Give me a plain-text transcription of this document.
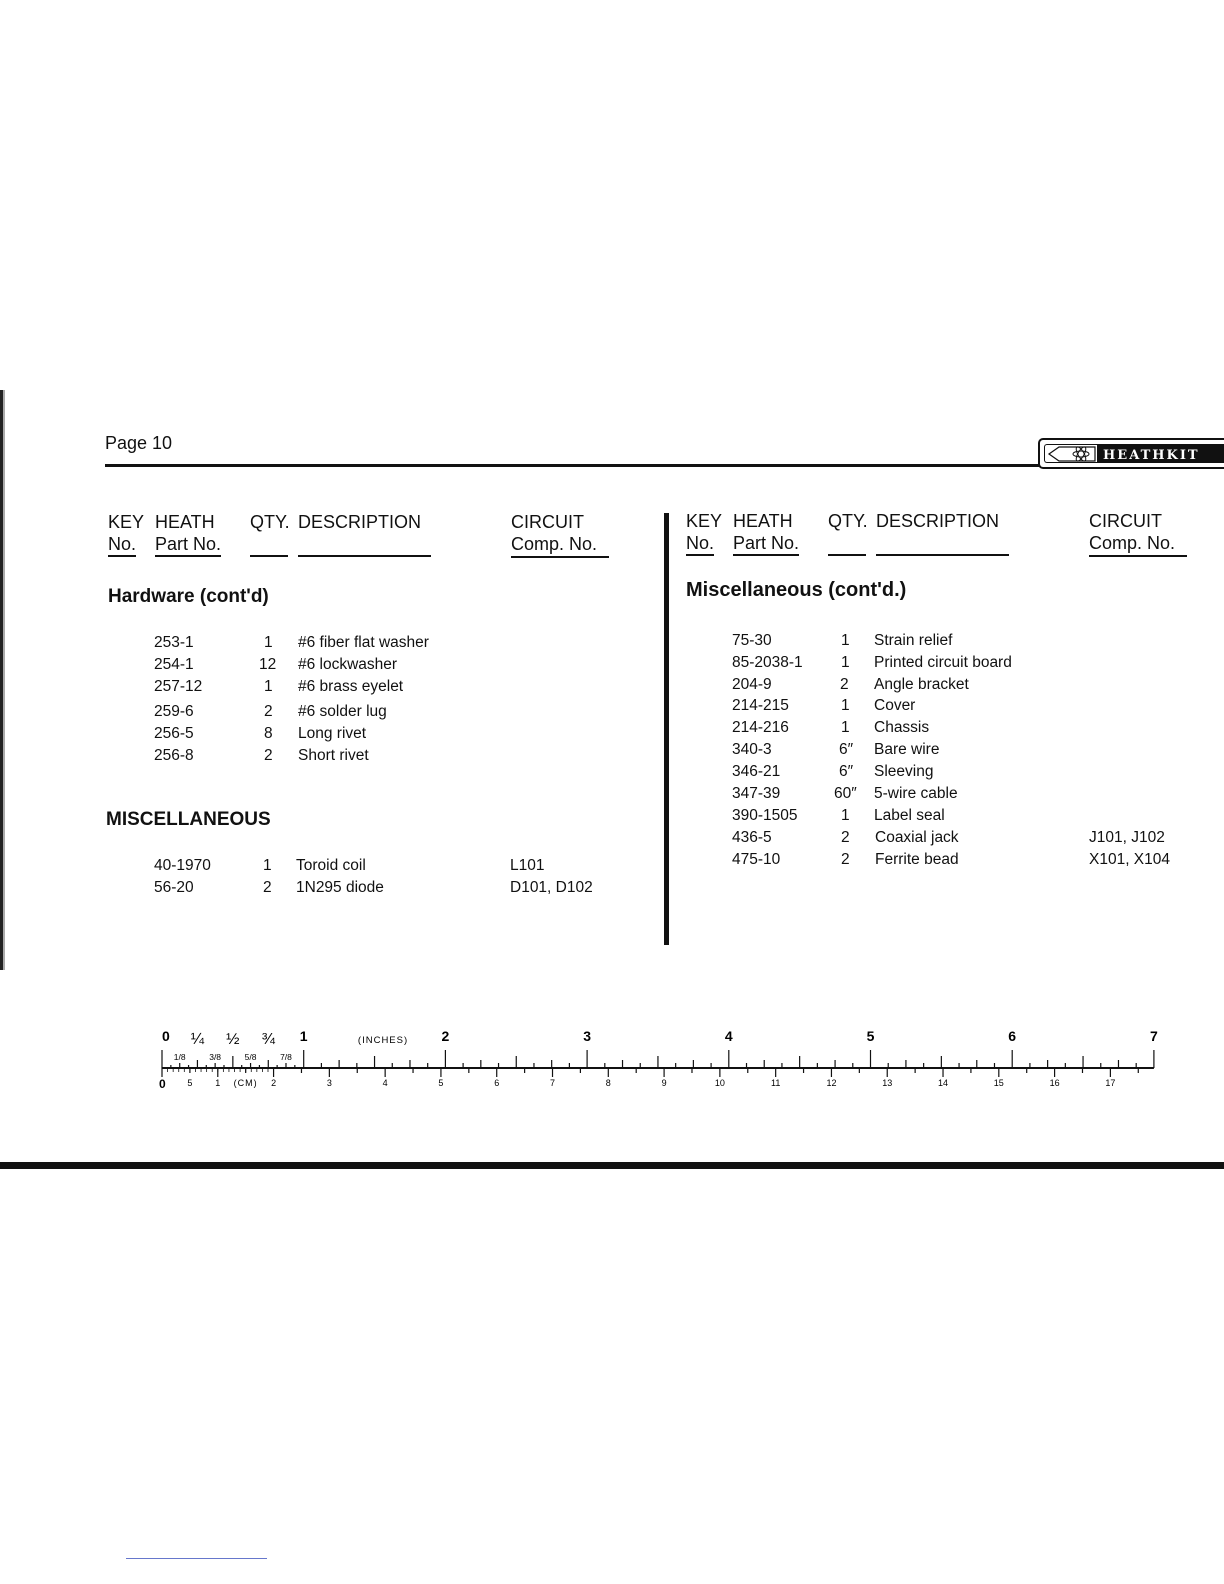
Page 10
HEATHKIT
KEY
No.
HEATH
Part No.
QTY. DESCRIPTION	CIRCUIT
Comp. No.
Hardware (cont'd)
253-1	1 #6 fiber flat washer
254-1	12 #6 lockwasher
257-12	1 #6 brass eyelet
259-6	2 #6 solder lug
256-5	8 Long rivet
256-8	2 Short rivet
MISCELLANEOUS
40-1970	1 Toroid coil	L101
56-20	2 1N295 diode	D101, D102
KEY
No.
HEATH
Part No.
QTY. DESCRIPTION	CIRCUIT
Comp. No.
Miscellaneous (cont'd.)
75-30	1 Strain relief
85-2038-1 1 Printed circuit board
204-9	2 Angle bracket
214-215	1 Cover
214-216	1 Chassis
340-3	6″ Bare wire
346-21	6″ Sleeving
347-39	60″ 5-wire cable
390-1505	1 Label seal
436-5	2 Coaxial jack	J101, J102
475-10	2 Ferrite bead	X101, X104
0	1	2	3	4	5	6	7
¼ ½ ¾
1/8	3/8	5/8	7/8
(INCHES)
0	1	2	3	4	5	6	7	8	9	10	11	12	13	14	15	16	17
5	(CM)
